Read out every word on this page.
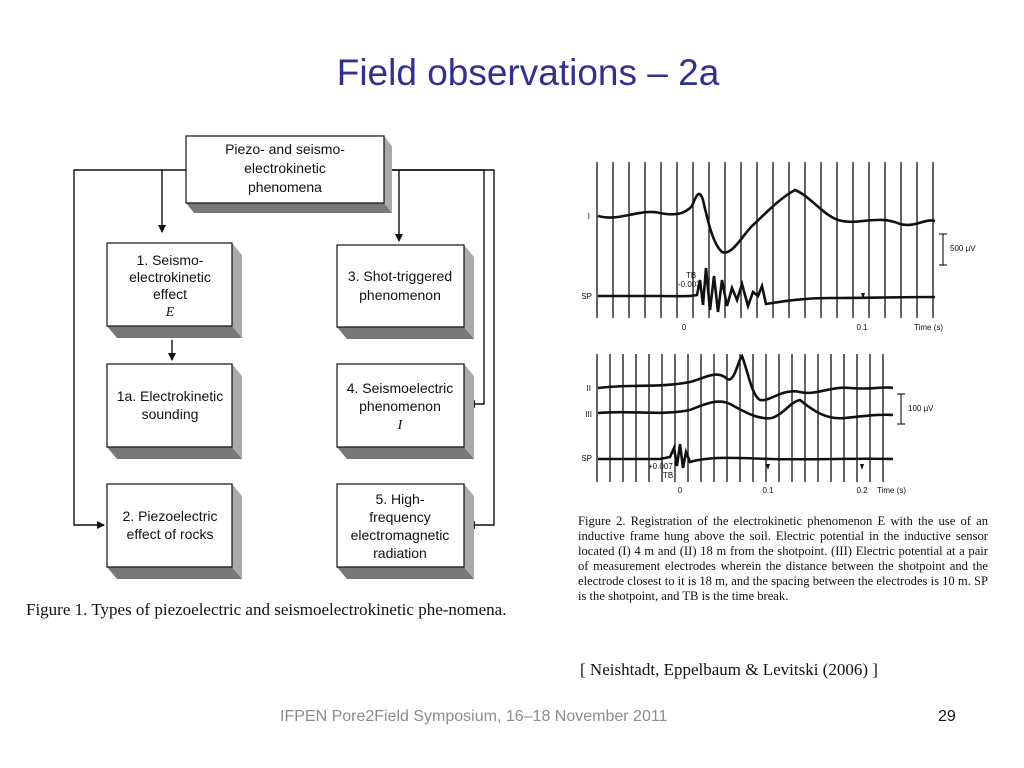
Field observations – 2a
Piezo- and seismo-
electrokinetic
phenomena
1. Seismo-
electrokinetic
effect
E
1a. Electrokinetic
sounding
2. Piezoelectric
effect of rocks
3. Shot-triggered
phenomenon
4. Seismoelectric
phenomenon
I
5. High-
frequency
electromagnetic
radiation
I
SP
TB
-0.003
500 μV
0	0.1	Time (s)
II
III
SP
+0.007
TB
100 μV
0	0.1	0.2 Time (s)
Figure 1. Types of piezoelectric and seismoelectrokinetic phe-nomena.
Figure 2. Registration of the electrokinetic phenomenon E with the use of an inductive frame hung above the soil. Electric potential in the inductive sensor located (I) 4 m and (II) 18 m from the shotpoint. (III) Electric potential at a pair of measurement electrodes wherein the distance between the shotpoint and the electrode closest to it is 18 m, and the spacing between the electrodes is 10 m. SP is the shotpoint, and TB is the time break.
[ Neishtadt, Eppelbaum & Levitski (2006) ]
IFPEN Pore2Field Symposium, 16–18 November 2011	29
